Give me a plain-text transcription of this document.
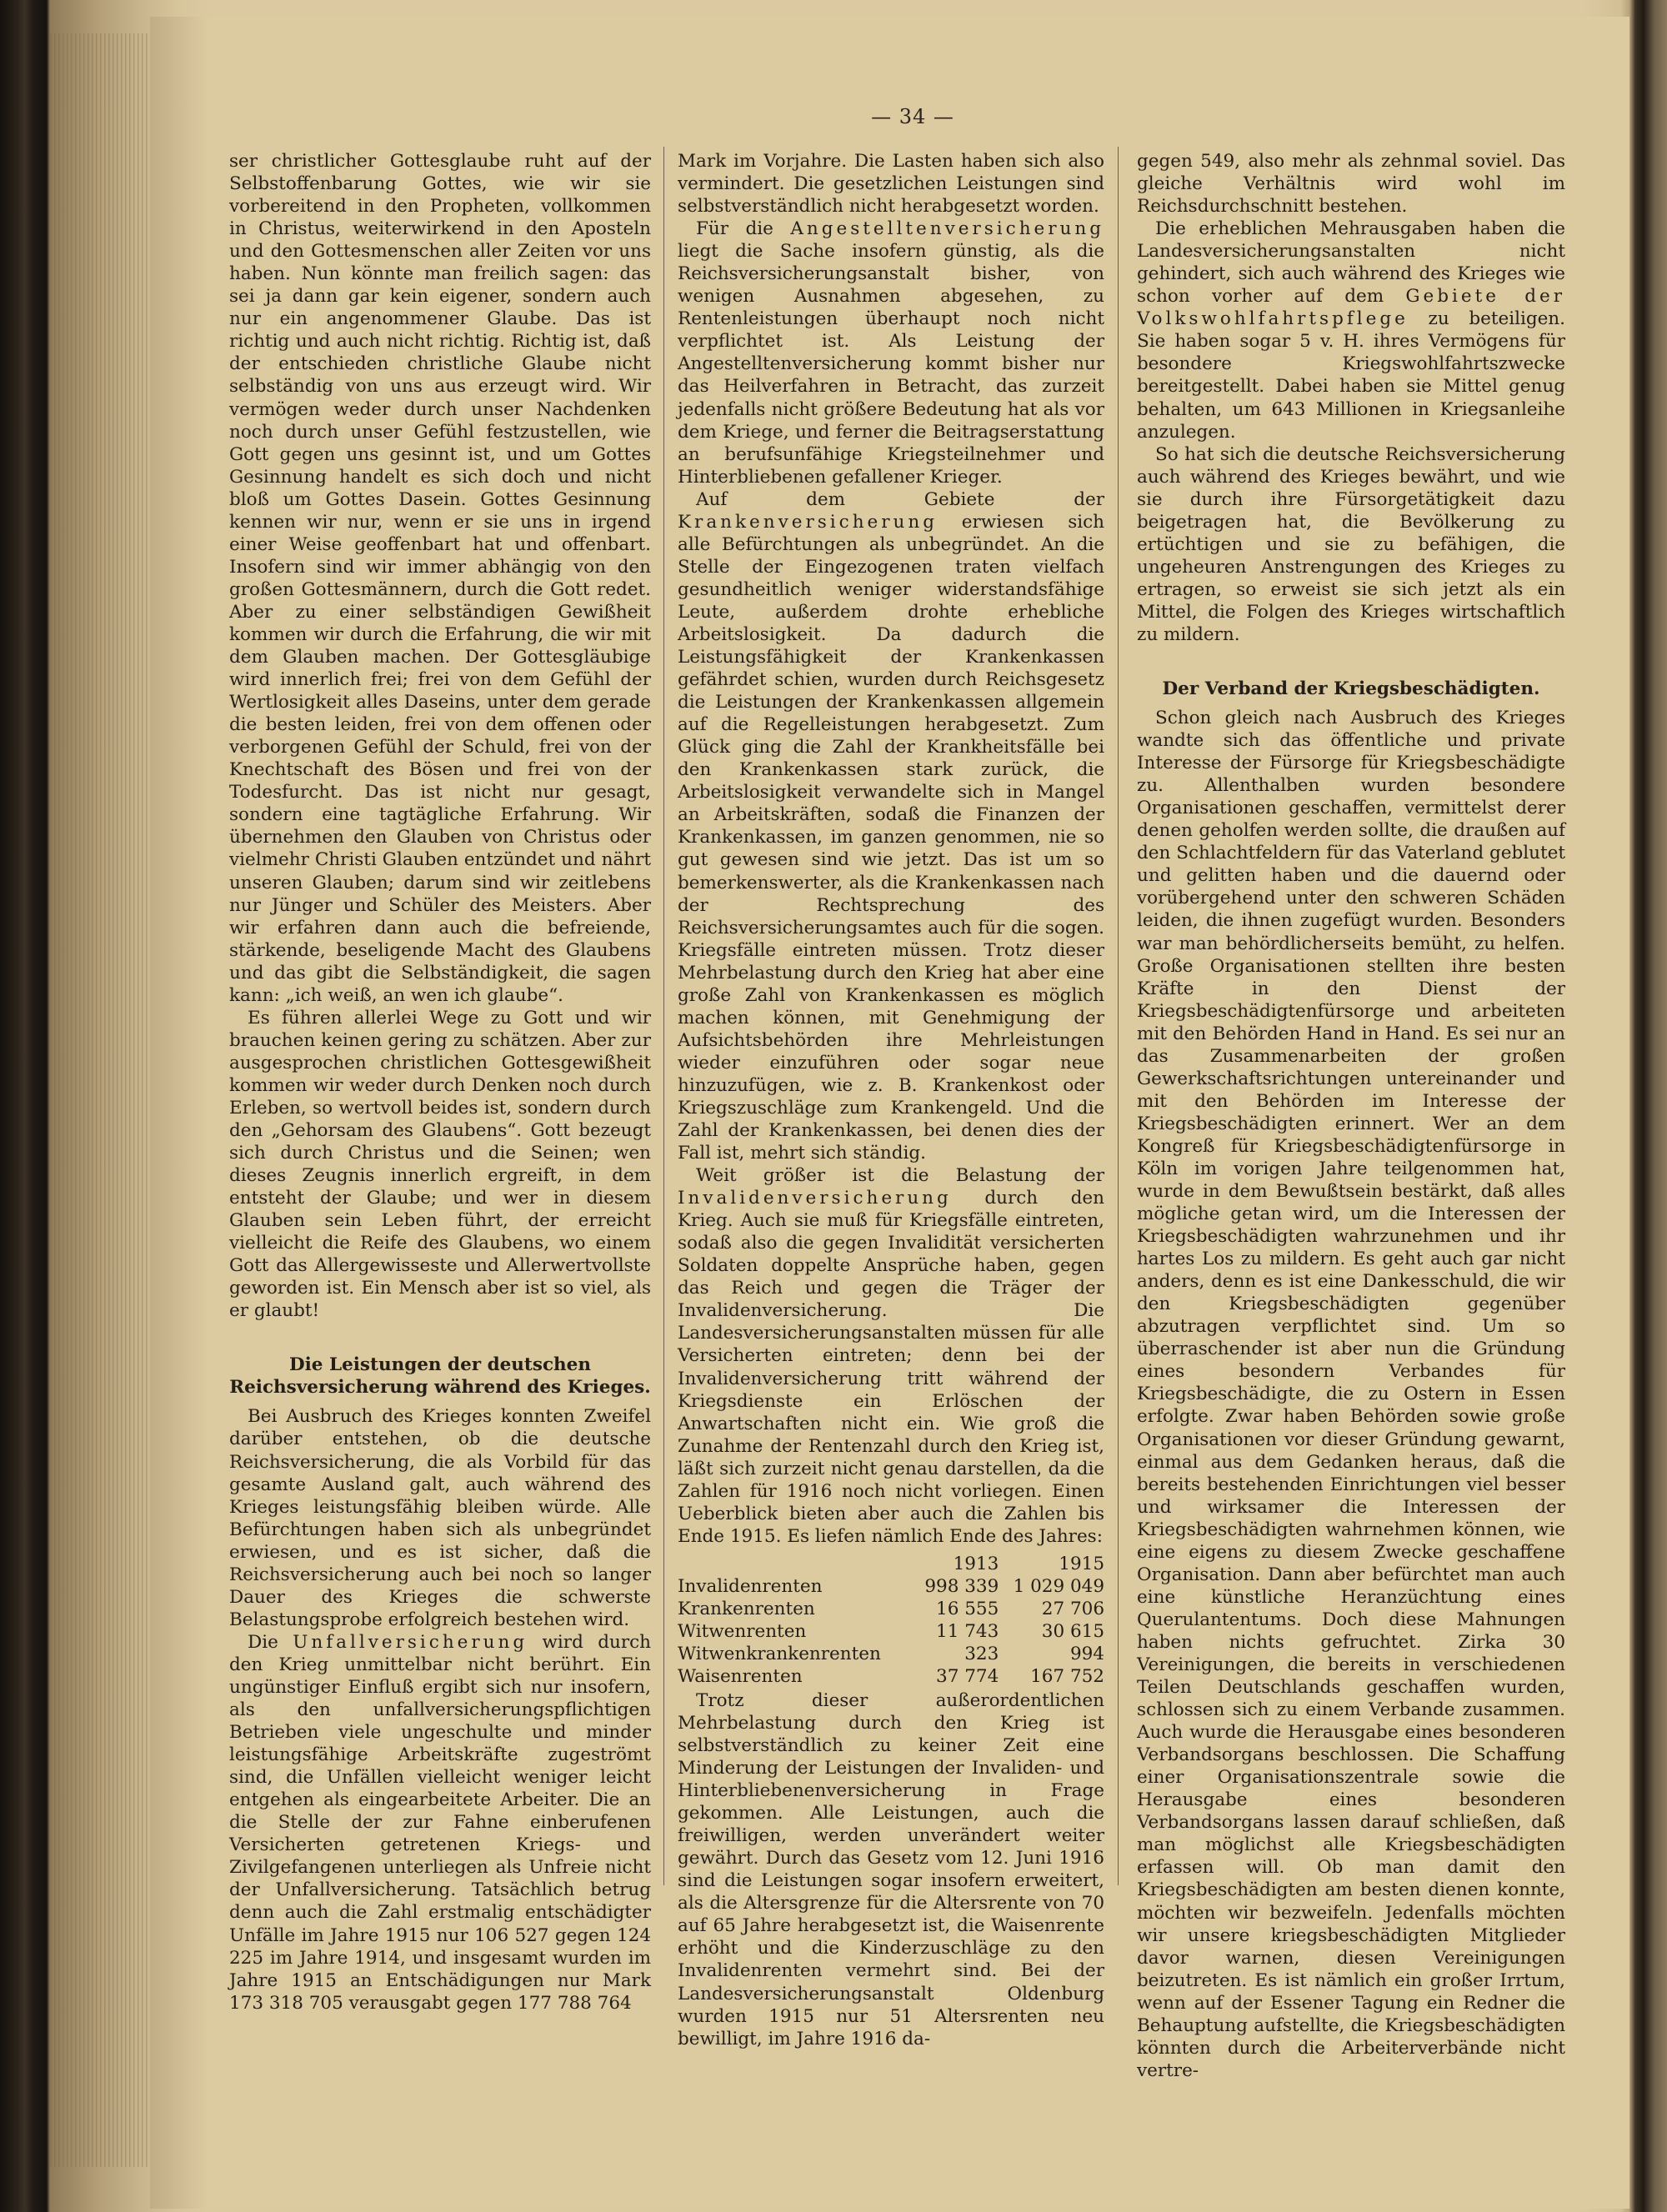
— 34 —

ser christlicher Gottesglaube ruht auf der Selbstoffenbarung Gottes, wie wir sie vorbereitend in den Propheten, vollkommen in Christus, weiterwirkend in den Aposteln und den Gottesmenschen aller Zeiten vor uns haben. Nun könnte man freilich sagen: das sei ja dann gar kein eigener, sondern auch nur ein angenommener Glaube. Das ist richtig und auch nicht richtig. Richtig ist, daß der entschieden christliche Glaube nicht selbständig von uns aus erzeugt wird. Wir vermögen weder durch unser Nachdenken noch durch unser Gefühl festzustellen, wie Gott gegen uns gesinnt ist, und um Gottes Gesinnung handelt es sich doch und nicht bloß um Gottes Dasein. Gottes Gesinnung kennen wir nur, wenn er sie uns in irgend einer Weise geoffenbart hat und offenbart. Insofern sind wir immer abhängig von den großen Gottesmännern, durch die Gott redet. Aber zu einer selbständigen Gewißheit kommen wir durch die Erfahrung, die wir mit dem Glauben machen. Der Gottesgläubige wird innerlich frei; frei von dem Gefühl der Wertlosigkeit alles Daseins, unter dem gerade die besten leiden, frei von dem offenen oder verborgenen Gefühl der Schuld, frei von der Knechtschaft des Bösen und frei von der Todesfurcht. Das ist nicht nur gesagt, sondern eine tagtägliche Erfahrung. Wir übernehmen den Glauben von Christus oder vielmehr Christi Glauben entzündet und nährt unseren Glauben; darum sind wir zeitlebens nur Jünger und Schüler des Meisters. Aber wir erfahren dann auch die befreiende, stärkende, beseligende Macht des Glaubens und das gibt die Selbständigkeit, die sagen kann: „ich weiß, an wen ich glaube“.

Es führen allerlei Wege zu Gott und wir brauchen keinen gering zu schätzen. Aber zur ausgesprochen christlichen Gottesgewißheit kommen wir weder durch Denken noch durch Erleben, so wertvoll beides ist, sondern durch den „Gehorsam des Glaubens“. Gott bezeugt sich durch Christus und die Seinen; wen dieses Zeugnis innerlich ergreift, in dem entsteht der Glaube; und wer in diesem Glauben sein Leben führt, der erreicht vielleicht die Reife des Glaubens, wo einem Gott das Allergewisseste und Allerwertvollste geworden ist. Ein Mensch aber ist so viel, als er glaubt!

Die Leistungen der deutschen Reichsversicherung während des Krieges.

Bei Ausbruch des Krieges konnten Zweifel darüber entstehen, ob die deutsche Reichsversicherung, die als Vorbild für das gesamte Ausland galt, auch während des Krieges leistungsfähig bleiben würde. Alle Befürchtungen haben sich als unbegründet erwiesen, und es ist sicher, daß die Reichsversicherung auch bei noch so langer Dauer des Krieges die schwerste Belastungsprobe erfolgreich bestehen wird.

Die Unfallversicherung wird durch den Krieg unmittelbar nicht berührt. Ein ungünstiger Einfluß ergibt sich nur insofern, als den unfallversicherungspflichtigen Betrieben viele ungeschulte und minder leistungsfähige Arbeitskräfte zugeströmt sind, die Unfällen vielleicht weniger leicht entgehen als eingearbeitete Arbeiter. Die an die Stelle der zur Fahne einberufenen Versicherten getretenen Kriegs- und Zivilgefangenen unterliegen als Unfreie nicht der Unfallversicherung. Tatsächlich betrug denn auch die Zahl erstmalig entschädigter Unfälle im Jahre 1915 nur 106 527 gegen 124 225 im Jahre 1914, und insgesamt wurden im Jahre 1915 an Entschädigungen nur Mark 173 318 705 verausgabt gegen 177 788 764

Mark im Vorjahre. Die Lasten haben sich also vermindert. Die gesetzlichen Leistungen sind selbstverständlich nicht herabgesetzt worden.

Für die Angestelltenversicherung liegt die Sache insofern günstig, als die Reichsversicherungsanstalt bisher, von wenigen Ausnahmen abgesehen, zu Rentenleistungen überhaupt noch nicht verpflichtet ist. Als Leistung der Angestelltenversicherung kommt bisher nur das Heilverfahren in Betracht, das zurzeit jedenfalls nicht größere Bedeutung hat als vor dem Kriege, und ferner die Beitragserstattung an berufsunfähige Kriegsteilnehmer und Hinterbliebenen gefallener Krieger.

Auf dem Gebiete der Krankenversicherung erwiesen sich alle Befürchtungen als unbegründet. An die Stelle der Eingezogenen traten vielfach gesundheitlich weniger widerstandsfähige Leute, außerdem drohte erhebliche Arbeitslosigkeit. Da dadurch die Leistungsfähigkeit der Krankenkassen gefährdet schien, wurden durch Reichsgesetz die Leistungen der Krankenkassen allgemein auf die Regelleistungen herabgesetzt. Zum Glück ging die Zahl der Krankheitsfälle bei den Krankenkassen stark zurück, die Arbeitslosigkeit verwandelte sich in Mangel an Arbeitskräften, sodaß die Finanzen der Krankenkassen, im ganzen genommen, nie so gut gewesen sind wie jetzt. Das ist um so bemerkenswerter, als die Krankenkassen nach der Rechtsprechung des Reichsversicherungsamtes auch für die sogen. Kriegsfälle eintreten müssen. Trotz dieser Mehrbelastung durch den Krieg hat aber eine große Zahl von Krankenkassen es möglich machen können, mit Genehmigung der Aufsichtsbehörden ihre Mehrleistungen wieder einzuführen oder sogar neue hinzuzufügen, wie z. B. Krankenkost oder Kriegszuschläge zum Krankengeld. Und die Zahl der Krankenkassen, bei denen dies der Fall ist, mehrt sich ständig.

Weit größer ist die Belastung der Invalidenversicherung durch den Krieg. Auch sie muß für Kriegsfälle eintreten, sodaß also die gegen Invalidität versicherten Soldaten doppelte Ansprüche haben, gegen das Reich und gegen die Träger der Invalidenversicherung. Die Landesversicherungsanstalten müssen für alle Versicherten eintreten; denn bei der Invalidenversicherung tritt während der Kriegsdienste ein Erlöschen der Anwartschaften nicht ein. Wie groß die Zunahme der Rentenzahl durch den Krieg ist, läßt sich zurzeit nicht genau darstellen, da die Zahlen für 1916 noch nicht vorliegen. Einen Ueberblick bieten aber auch die Zahlen bis Ende 1915. Es liefen nämlich Ende des Jahres:

	1913	1915
Invalidenrenten	998 339	1 029 049
Krankenrenten	16 555	27 706
Witwenrenten	11 743	30 615
Witwenkrankenrenten	323	994
Waisenrenten	37 774	167 752

Trotz dieser außerordentlichen Mehrbelastung durch den Krieg ist selbstverständlich zu keiner Zeit eine Minderung der Leistungen der Invaliden- und Hinterbliebenenversicherung in Frage gekommen. Alle Leistungen, auch die freiwilligen, werden unverändert weiter gewährt. Durch das Gesetz vom 12. Juni 1916 sind die Leistungen sogar insofern erweitert, als die Altersgrenze für die Altersrente von 70 auf 65 Jahre herabgesetzt ist, die Waisenrente erhöht und die Kinderzuschläge zu den Invalidenrenten vermehrt sind. Bei der Landesversicherungsanstalt Oldenburg wurden 1915 nur 51 Altersrenten neu bewilligt, im Jahre 1916 da-

gegen 549, also mehr als zehnmal soviel. Das gleiche Verhältnis wird wohl im Reichsdurchschnitt bestehen.

Die erheblichen Mehrausgaben haben die Landesversicherungsanstalten nicht gehindert, sich auch während des Krieges wie schon vorher auf dem Gebiete der Volkswohlfahrtspflege zu beteiligen. Sie haben sogar 5 v. H. ihres Vermögens für besondere Kriegswohlfahrtszwecke bereitgestellt. Dabei haben sie Mittel genug behalten, um 643 Millionen in Kriegsanleihe anzulegen.

So hat sich die deutsche Reichsversicherung auch während des Krieges bewährt, und wie sie durch ihre Fürsorgetätigkeit dazu beigetragen hat, die Bevölkerung zu ertüchtigen und sie zu befähigen, die ungeheuren Anstrengungen des Krieges zu ertragen, so erweist sie sich jetzt als ein Mittel, die Folgen des Krieges wirtschaftlich zu mildern.

Der Verband der Kriegsbeschädigten.

Schon gleich nach Ausbruch des Krieges wandte sich das öffentliche und private Interesse der Fürsorge für Kriegsbeschädigte zu. Allenthalben wurden besondere Organisationen geschaffen, vermittelst derer denen geholfen werden sollte, die draußen auf den Schlachtfeldern für das Vaterland geblutet und gelitten haben und die dauernd oder vorübergehend unter den schweren Schäden leiden, die ihnen zugefügt wurden. Besonders war man behördlicherseits bemüht, zu helfen. Große Organisationen stellten ihre besten Kräfte in den Dienst der Kriegsbeschädigtenfürsorge und arbeiteten mit den Behörden Hand in Hand. Es sei nur an das Zusammenarbeiten der großen Gewerkschaftsrichtungen untereinander und mit den Behörden im Interesse der Kriegsbeschädigten erinnert. Wer an dem Kongreß für Kriegsbeschädigtenfürsorge in Köln im vorigen Jahre teilgenommen hat, wurde in dem Bewußtsein bestärkt, daß alles mögliche getan wird, um die Interessen der Kriegsbeschädigten wahrzunehmen und ihr hartes Los zu mildern. Es geht auch gar nicht anders, denn es ist eine Dankesschuld, die wir den Kriegsbeschädigten gegenüber abzutragen verpflichtet sind. Um so überraschender ist aber nun die Gründung eines besondern Verbandes für Kriegsbeschädigte, die zu Ostern in Essen erfolgte. Zwar haben Behörden sowie große Organisationen vor dieser Gründung gewarnt, einmal aus dem Gedanken heraus, daß die bereits bestehenden Einrichtungen viel besser und wirksamer die Interessen der Kriegsbeschädigten wahrnehmen können, wie eine eigens zu diesem Zwecke geschaffene Organisation. Dann aber befürchtet man auch eine künstliche Heranzüchtung eines Querulantentums. Doch diese Mahnungen haben nichts gefruchtet. Zirka 30 Vereinigungen, die bereits in verschiedenen Teilen Deutschlands geschaffen wurden, schlossen sich zu einem Verbande zusammen. Auch wurde die Herausgabe eines besonderen Verbandsorgans beschlossen. Die Schaffung einer Organisationszentrale sowie die Herausgabe eines besonderen Verbandsorgans lassen darauf schließen, daß man möglichst alle Kriegsbeschädigten erfassen will. Ob man damit den Kriegsbeschädigten am besten dienen konnte, möchten wir bezweifeln. Jedenfalls möchten wir unsere kriegsbeschädigten Mitglieder davor warnen, diesen Vereinigungen beizutreten. Es ist nämlich ein großer Irrtum, wenn auf der Essener Tagung ein Redner die Behauptung aufstellte, die Kriegsbeschädigten könnten durch die Arbeiterverbände nicht vertre-
